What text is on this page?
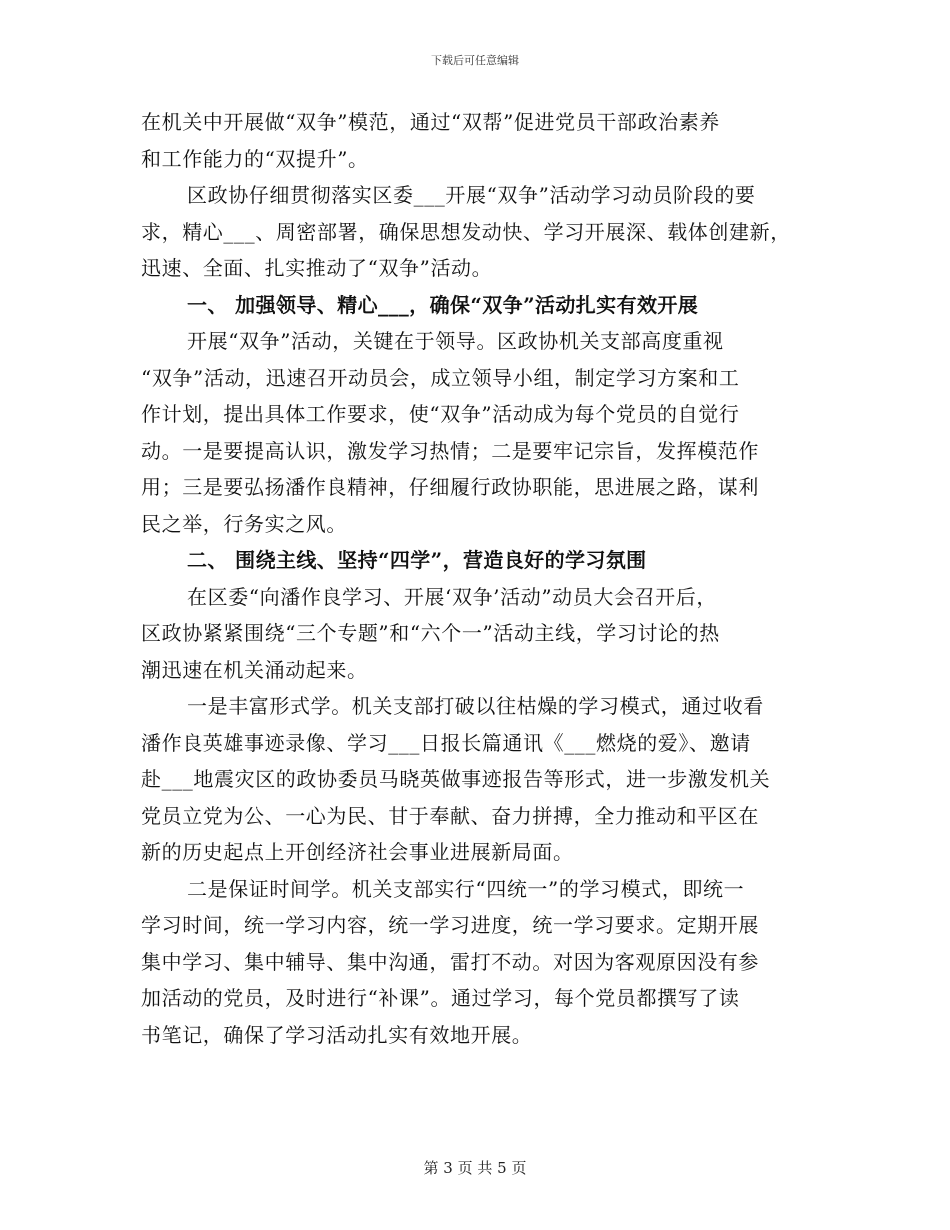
下载后可任意编辑
在机关中开展做“双争”模范，通过“双帮”促进党员干部政治素养
和工作能力的“双提升”。
区政协仔细贯彻落实区委___开展“双争”活动学习动员阶段的要
求，精心___、周密部署，确保思想发动快、学习开展深、载体创建新，
迅速、全面、扎实推动了“双争”活动。
一、 加强领导、精心___，确保“双争”活动扎实有效开展
开展“双争”活动，关键在于领导。区政协机关支部高度重视
“双争”活动，迅速召开动员会，成立领导小组，制定学习方案和工
作计划，提出具体工作要求，使“双争”活动成为每个党员的自觉行
动。一是要提高认识，激发学习热情；二是要牢记宗旨，发挥模范作
用；三是要弘扬潘作良精神，仔细履行政协职能，思进展之路，谋利
民之举，行务实之风。
二、 围绕主线、坚持“四学”，营造良好的学习氛围
在区委“向潘作良学习、开展‘双争’活动”动员大会召开后，
区政协紧紧围绕“三个专题”和“六个一”活动主线，学习讨论的热
潮迅速在机关涌动起来。
一是丰富形式学。机关支部打破以往枯燥的学习模式，通过收看
潘作良英雄事迹录像、学习___日报长篇通讯《___燃烧的爱》、邀请
赴___地震灾区的政协委员马晓英做事迹报告等形式，进一步激发机关
党员立党为公、一心为民、甘于奉献、奋力拼搏，全力推动和平区在
新的历史起点上开创经济社会事业进展新局面。
二是保证时间学。机关支部实行“四统一”的学习模式，即统一
学习时间，统一学习内容，统一学习进度，统一学习要求。定期开展
集中学习、集中辅导、集中沟通，雷打不动。对因为客观原因没有参
加活动的党员，及时进行“补课”。通过学习，每个党员都撰写了读
书笔记，确保了学习活动扎实有效地开展。
第 3 页 共 5 页
